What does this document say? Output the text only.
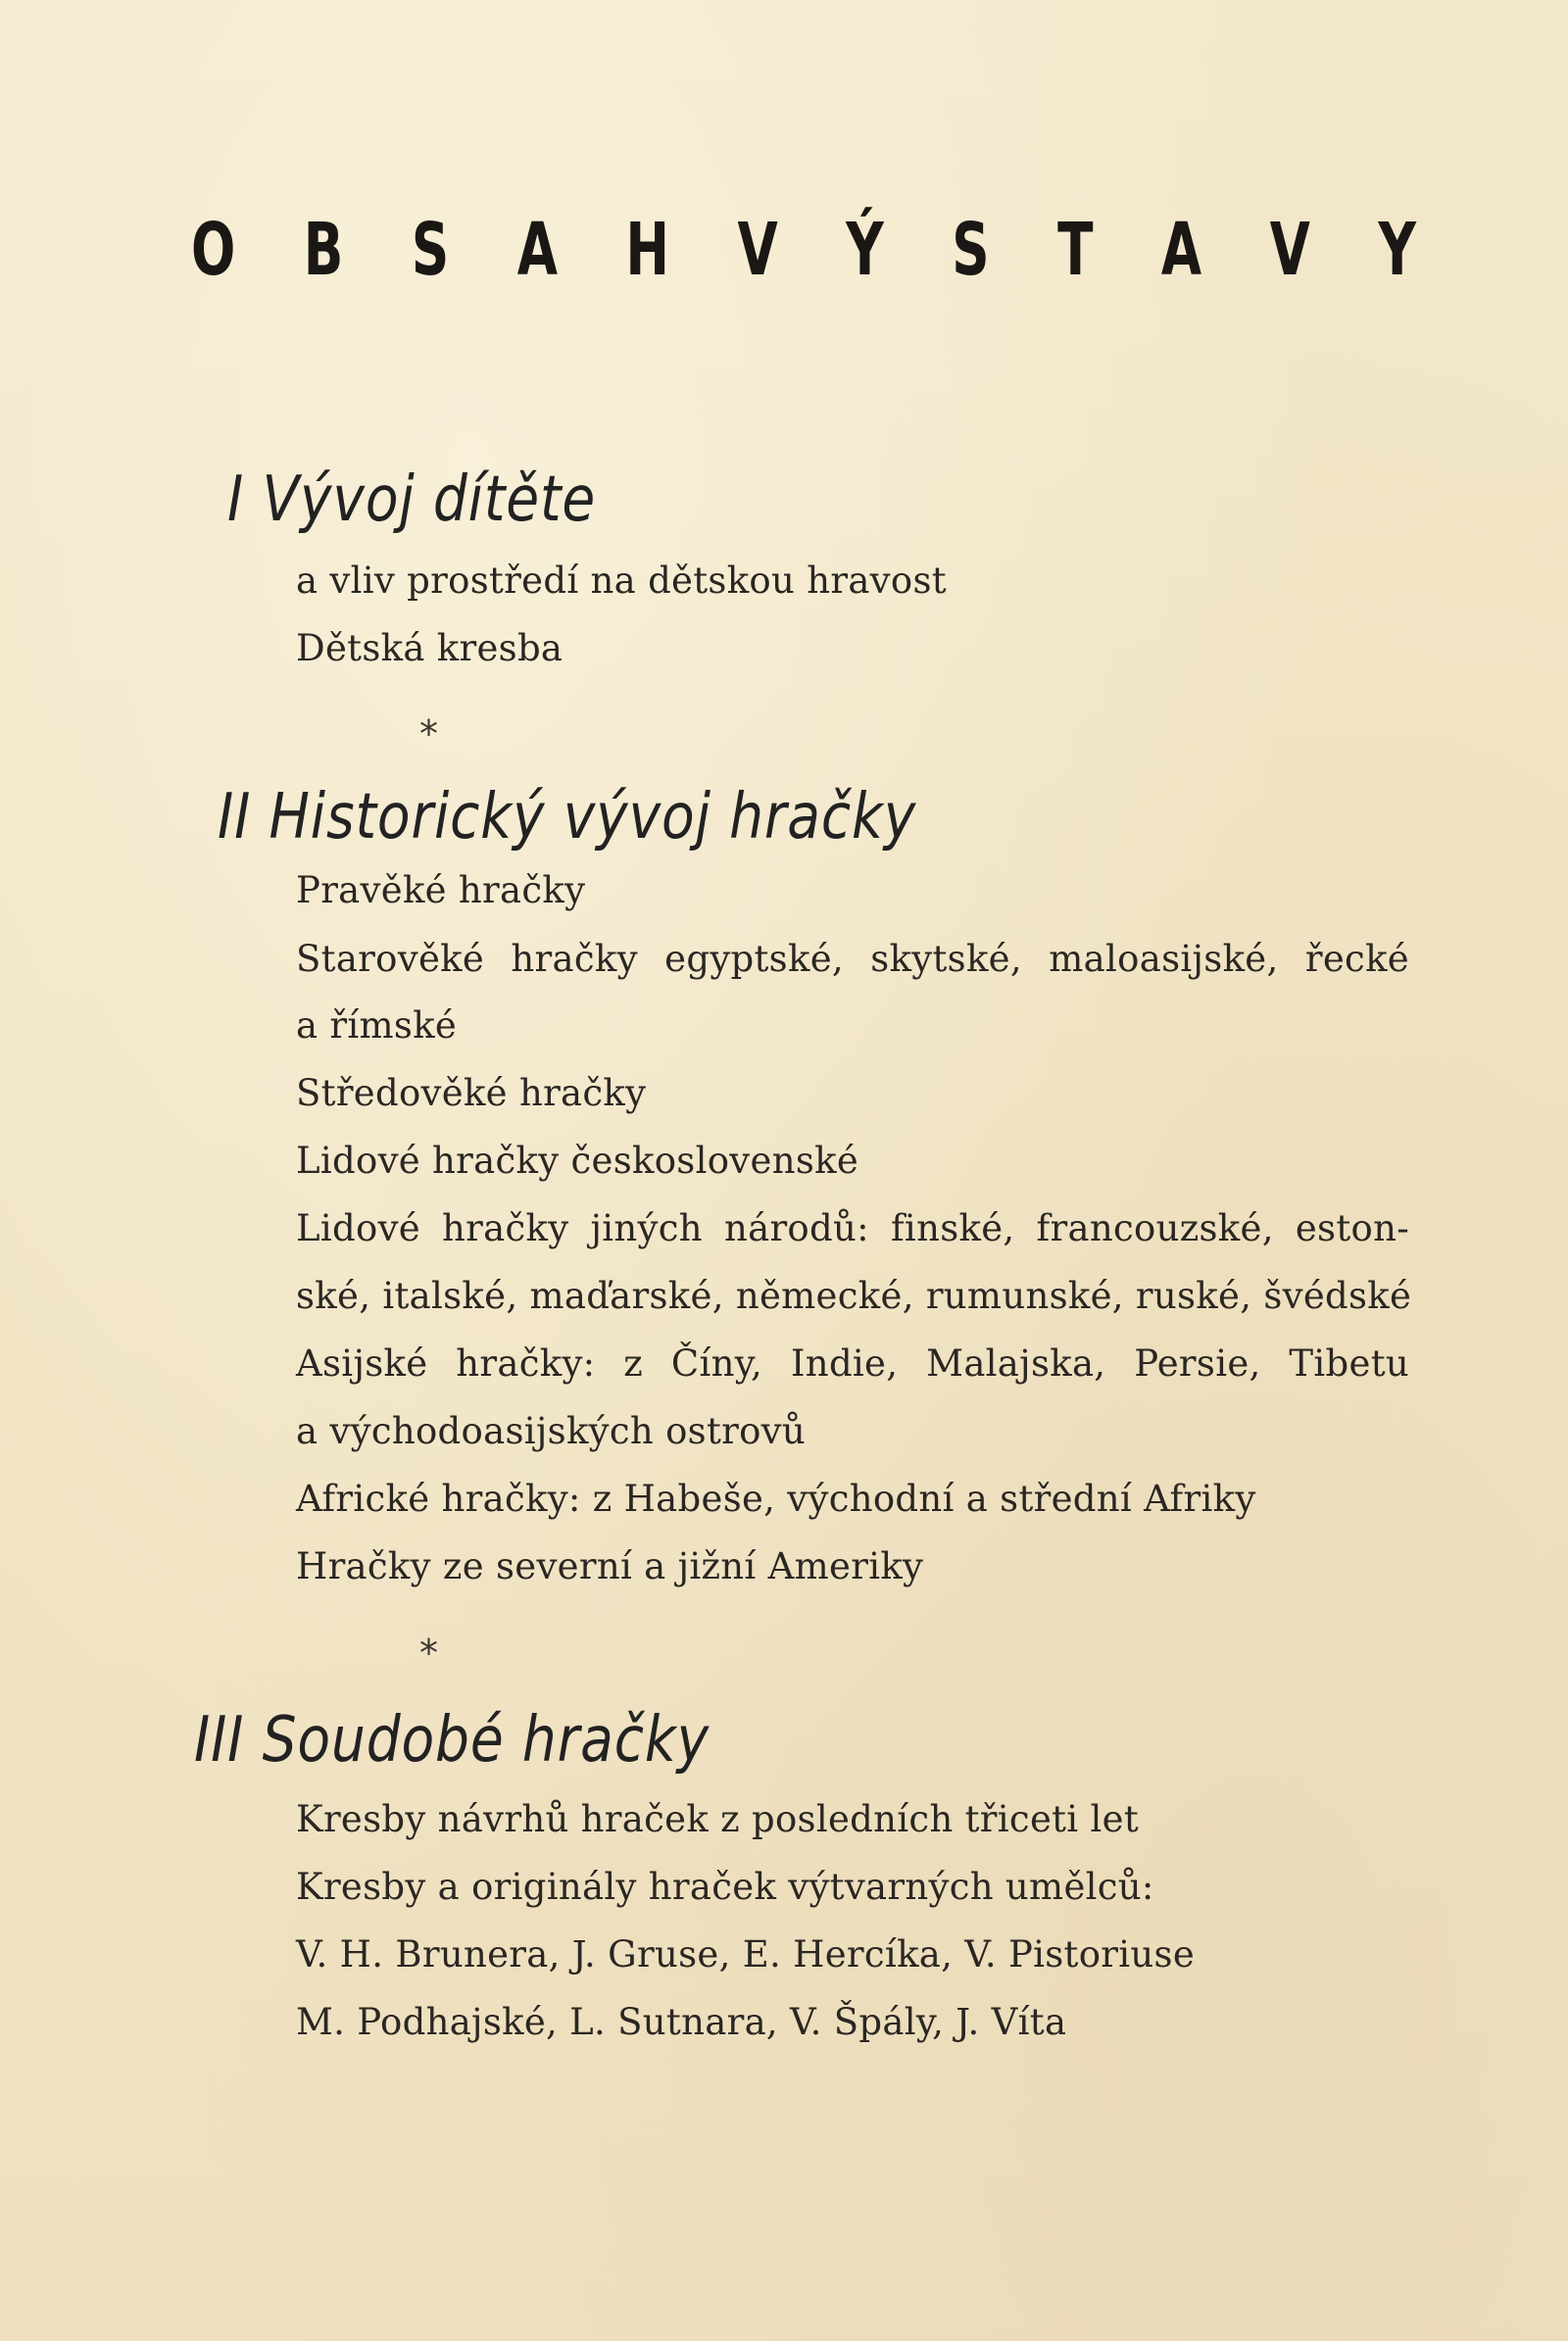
O B S A H V Ý S T A V Y
I Vývoj dítěte

a vliv prostředí na dětskou hravost

Dětská kresba

*

II Historický vývoj hračky

Pravěké hračky

Starověké hračky egyptské, skytské, maloasijské, řecké

a římské

Středověké hračky

Lidové hračky československé

Lidové hračky jiných národů: finské, francouzské, eston-

ské, italské, maďarské, německé, rumunské, ruské, švédské

Asijské hračky: z Číny, Indie, Malajska, Persie, Tibetu

a východoasijských ostrovů

Africké hračky: z Habeše, východní a střední Afriky

Hračky ze severní a jižní Ameriky

*

III Soudobé hračky

Kresby návrhů hraček z posledních třiceti let

Kresby a originály hraček výtvarných umělců:

V. H. Brunera, J. Gruse, E. Hercíka, V. Pistoriuse

M. Podhajské, L. Sutnara, V. Špály, J. Víta
